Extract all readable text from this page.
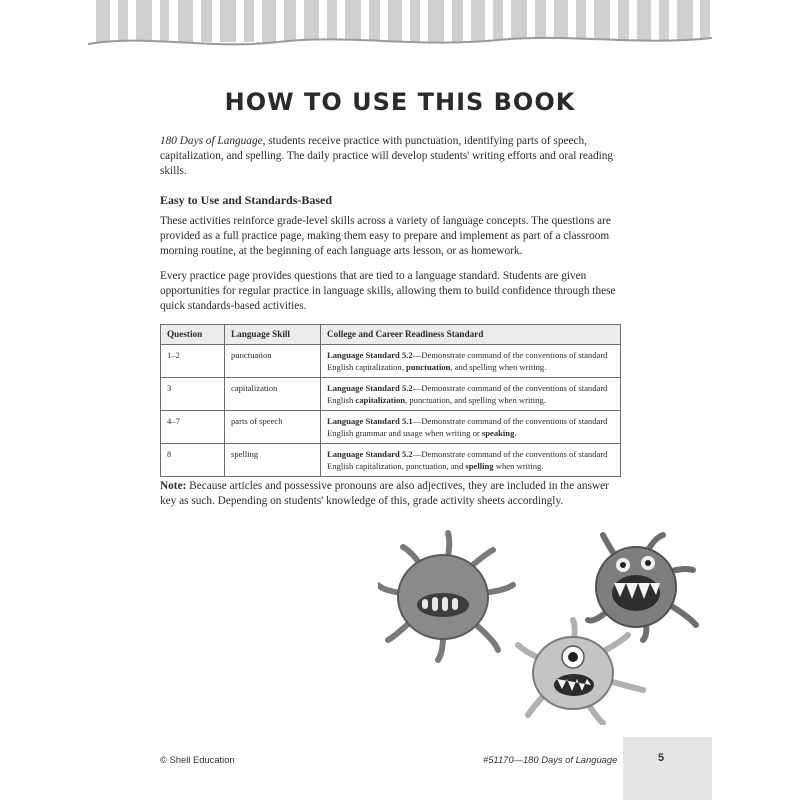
HOW TO USE THIS BOOK

180 Days of Language, students receive practice with punctuation, identifying parts of speech, capitalization, and spelling. The daily practice will develop students' writing efforts and oral reading skills.

Easy to Use and Standards-Based

These activities reinforce grade-level skills across a variety of language concepts. The questions are provided as a full practice page, making them easy to prepare and implement as part of a classroom morning routine, at the beginning of each language arts lesson, or as homework.

Every practice page provides questions that are tied to a language standard. Students are given opportunities for regular practice in language skills, allowing them to build confidence through these quick standards-based activities.

Question	Language Skill	College and Career Readiness Standard
1–2	punctuation	Language Standard 5.2—Demonstrate command of the conventions of standard English capitalization, punctuation, and spelling when writing.
3	capitalization	Language Standard 5.2—Demonstrate command of the conventions of standard English capitalization, punctuation, and spelling when writing.
4–7	parts of speech	Language Standard 5.1—Demonstrate command of the conventions of standard English grammar and usage when writing or speaking.
8	spelling	Language Standard 5.2—Demonstrate command of the conventions of standard English capitalization, punctuation, and spelling when writing.

Note: Because articles and possessive pronouns are also adjectives, they are included in the answer key as such. Depending on students' knowledge of this, grade activity sheets accordingly.

© Shell Education	#51170—180 Days of Language	5
